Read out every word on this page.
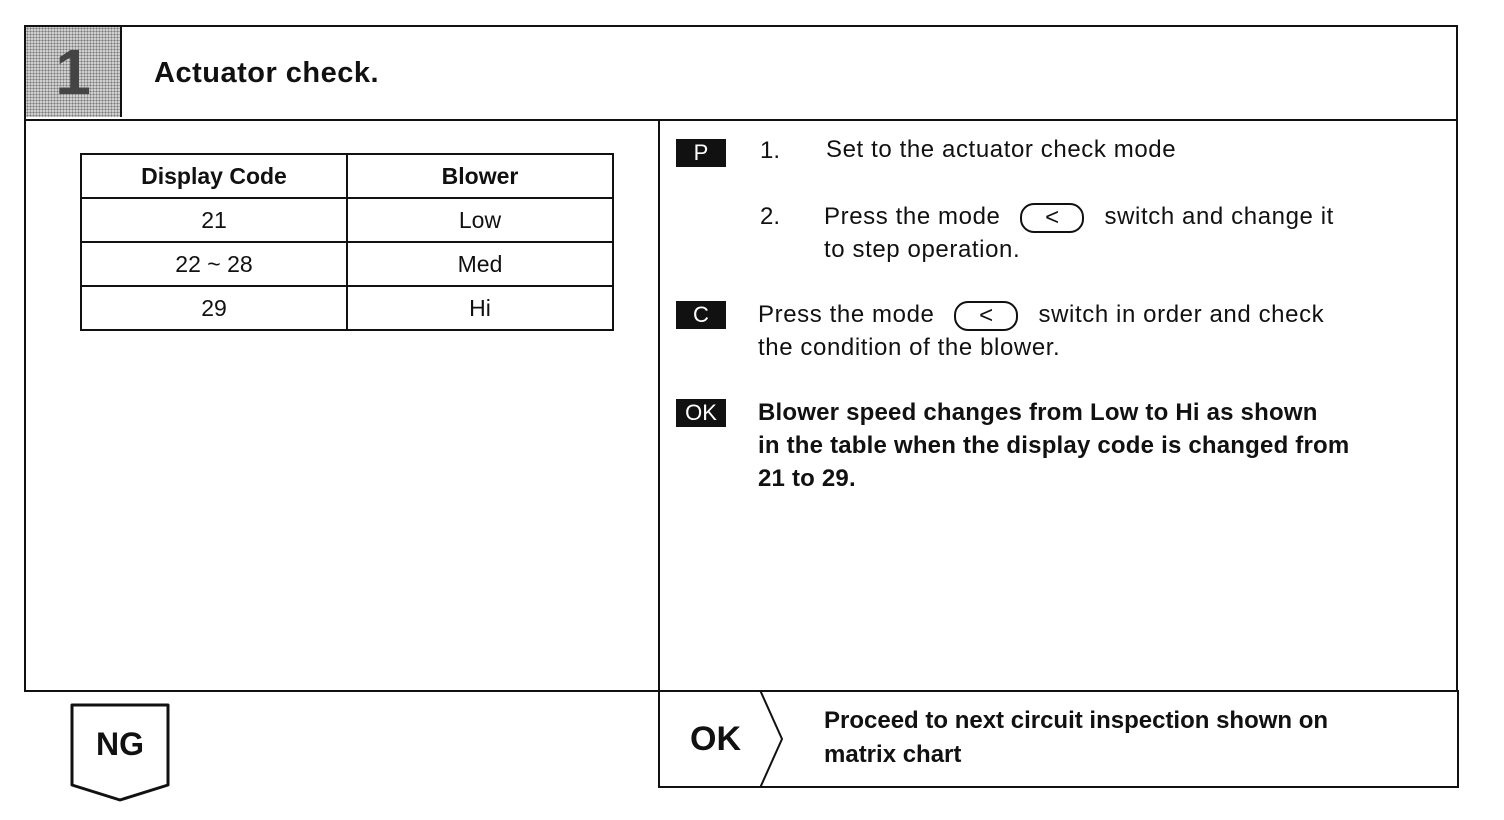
1	Actuator check.
Display Code	Blower
21	Low
22 ~ 28	Med
29	Hi
P	1. Set to the actuator check mode
2. Press the mode < switch and change it
to step operation.
C	Press the mode < switch in order and check
the condition of the blower.
OK	Blower speed changes from Low to Hi as shown
in the table when the display code is changed from
21 to 29.
NG	OK	Proceed to next circuit inspection shown on
matrix chart
